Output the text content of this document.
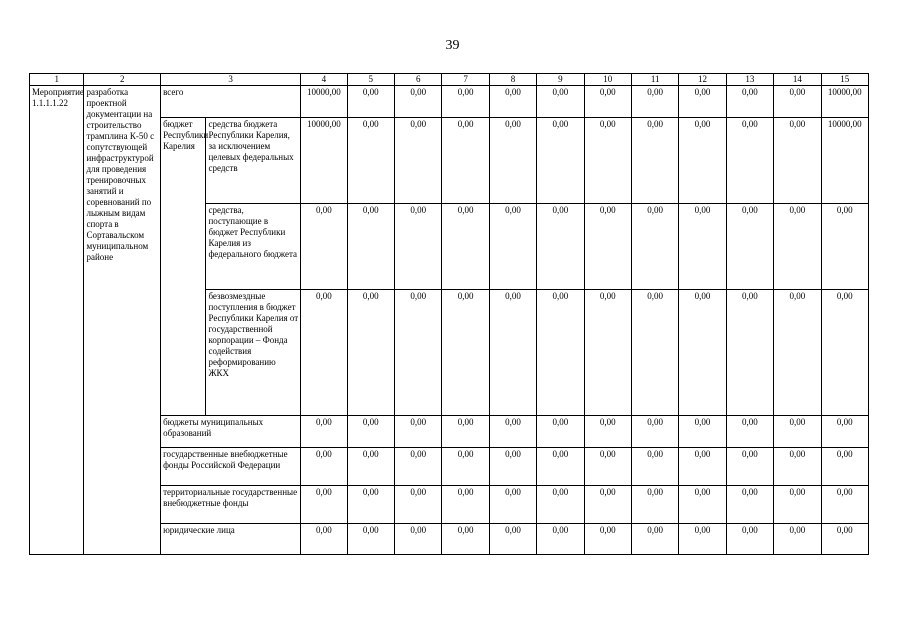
39
1	2	3		4	5	6	7	8	9	10	11	12	13	14	15
Мероприятие 1.1.1.1.22	разработка проектной документации на строительство трамплина К-50 с сопутствующей инфраструктурой для проведения тренировочных занятий и соревнований по лыжным видам спорта в Сортавальском муниципальном районе	всего		10000,00	0,00	0,00	0,00	0,00	0,00	0,00	0,00	0,00	0,00	0,00	10000,00
		бюджет Республики Карелия	средства бюджета Республики Карелия, за исключением целевых федеральных средств	10000,00	0,00	0,00	0,00	0,00	0,00	0,00	0,00	0,00	0,00	0,00	10000,00
			средства, поступающие в бюджет Республики Карелия из федерального бюджета	0,00	0,00	0,00	0,00	0,00	0,00	0,00	0,00	0,00	0,00	0,00	0,00
			безвозмездные поступления в бюджет Республики Карелия от государственной корпорации – Фонда содействия реформированию ЖКХ	0,00	0,00	0,00	0,00	0,00	0,00	0,00	0,00	0,00	0,00	0,00	0,00
		бюджеты муниципальных образований		0,00	0,00	0,00	0,00	0,00	0,00	0,00	0,00	0,00	0,00	0,00	0,00
		государственные внебюджетные фонды Российской Федерации		0,00	0,00	0,00	0,00	0,00	0,00	0,00	0,00	0,00	0,00	0,00	0,00
		территориальные государственные внебюджетные фонды		0,00	0,00	0,00	0,00	0,00	0,00	0,00	0,00	0,00	0,00	0,00	0,00
		юридические лица		0,00	0,00	0,00	0,00	0,00	0,00	0,00	0,00	0,00	0,00	0,00	0,00
